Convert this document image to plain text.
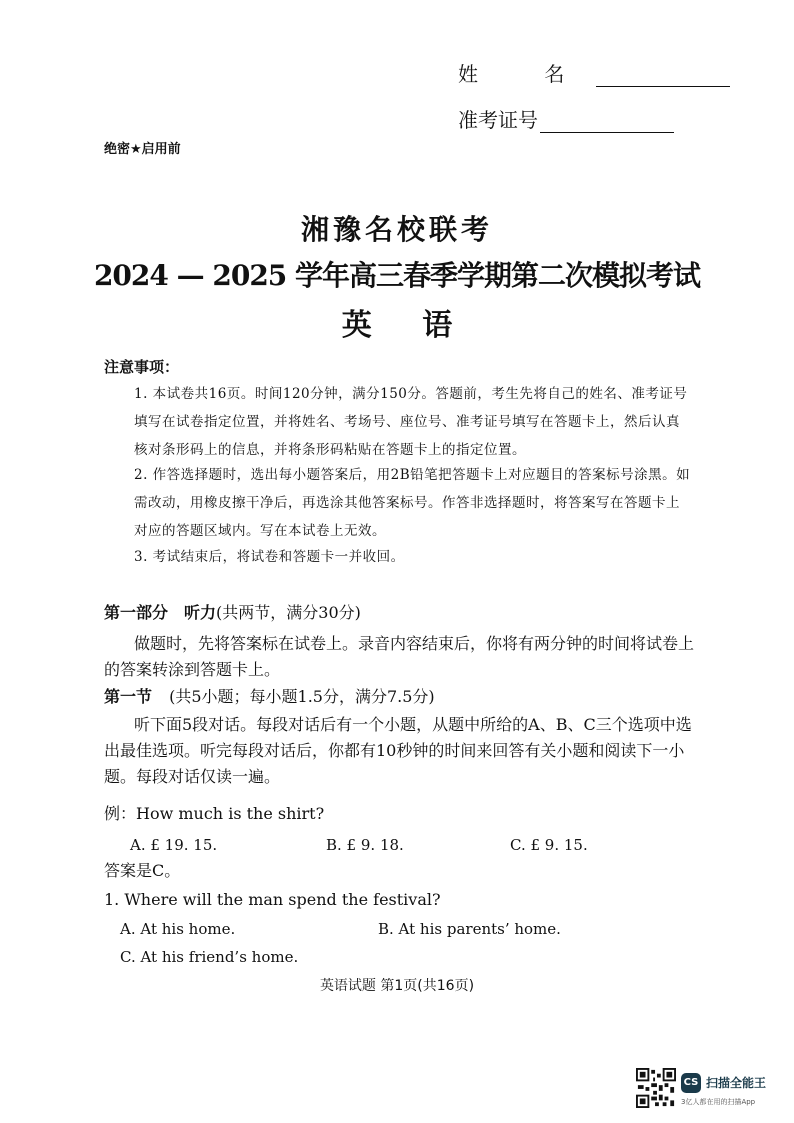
姓 名
准考证号
绝密★启用前
湘豫名校联考
2024 — 2025 学年高三春季学期第二次模拟考试
英 语
注意事项：
1. 本试卷共16页。时间120分钟，满分150分。答题前，考生先将自己的姓名、准考证号填写在试卷指定位置，并将姓名、考场号、座位号、准考证号填写在答题卡上，然后认真核对条形码上的信息，并将条形码粘贴在答题卡上的指定位置。
2. 作答选择题时，选出每小题答案后，用2B铅笔把答题卡上对应题目的答案标号涂黑。如需改动，用橡皮擦干净后，再选涂其他答案标号。作答非选择题时，将答案写在答题卡上对应的答题区域内。写在本试卷上无效。
3. 考试结束后，将试卷和答题卡一并收回。
第一部分　听力(共两节，满分30分)
做题时，先将答案标在试卷上。录音内容结束后，你将有两分钟的时间将试卷上的答案转涂到答题卡上。
第一节 (共5小题；每小题1.5分，满分7.5分)
听下面5段对话。每段对话后有一个小题，从题中所给的A、B、C三个选项中选出最佳选项。听完每段对话后，你都有10秒钟的时间来回答有关小题和阅读下一小题。每段对话仅读一遍。
例：How much is the shirt?
A. £ 19. 15.	B. £ 9. 18.	C. £ 9. 15.
答案是C。
1. Where will the man spend the festival?
A. At his home.	B. At his parents’ home.
C. At his friend’s home.
英语试题 第1页(共16页)
CS 扫描全能王
3亿人都在用的扫描App
